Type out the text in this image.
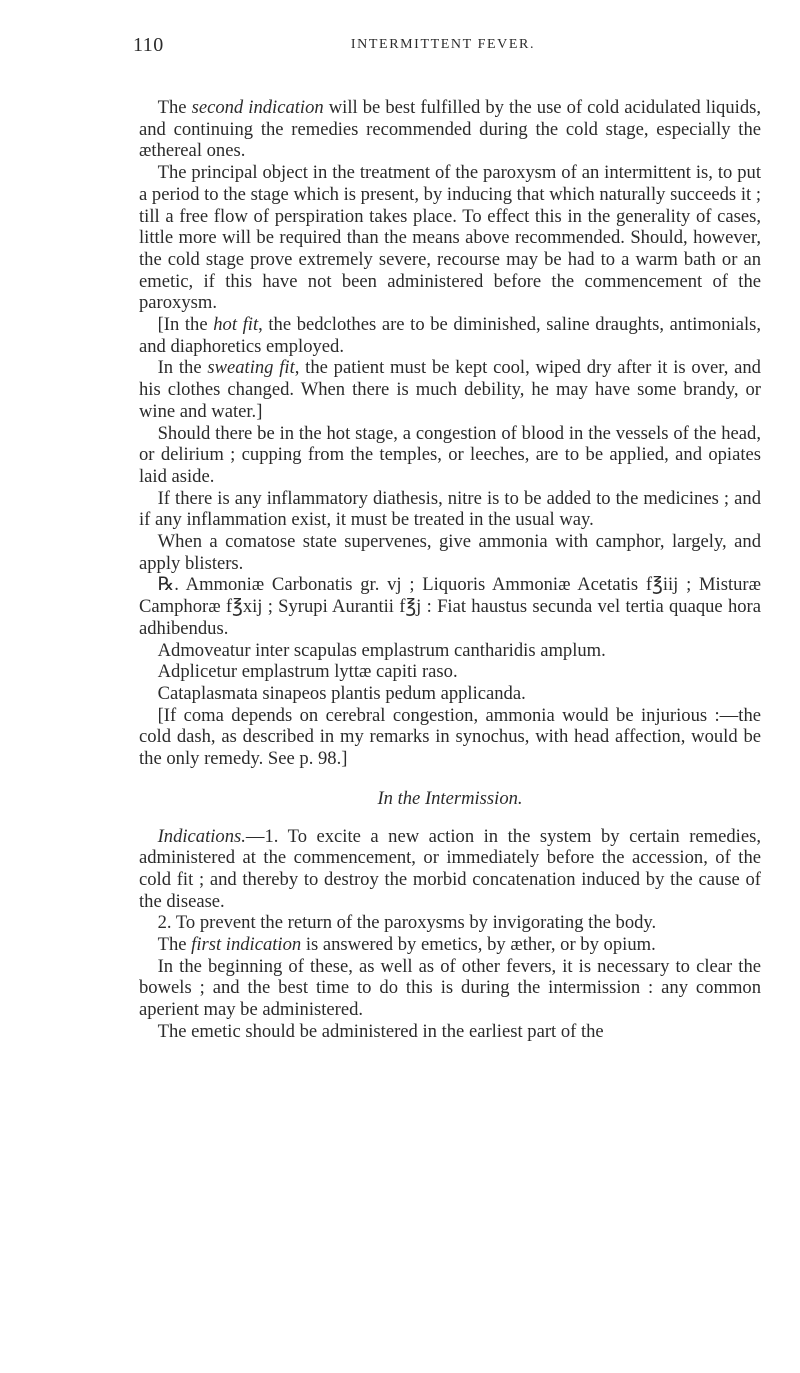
110	INTERMITTENT FEVER.

The second indication will be best fulfilled by the use of cold acidulated liquids, and continuing the remedies recommended during the cold stage, especially the æthereal ones.

The principal object in the treatment of the paroxysm of an intermittent is, to put a period to the stage which is present, by inducing that which naturally succeeds it ; till a free flow of perspiration takes place. To effect this in the generality of cases, little more will be required than the means above recommended. Should, however, the cold stage prove extremely severe, recourse may be had to a warm bath or an emetic, if this have not been administered before the commencement of the paroxysm.

[In the hot fit, the bedclothes are to be diminished, saline draughts, antimonials, and diaphoretics employed.

In the sweating fit, the patient must be kept cool, wiped dry after it is over, and his clothes changed. When there is much debility, he may have some brandy, or wine and water.]

Should there be in the hot stage, a congestion of blood in the vessels of the head, or delirium ; cupping from the temples, or leeches, are to be applied, and opiates laid aside.

If there is any inflammatory diathesis, nitre is to be added to the medicines ; and if any inflammation exist, it must be treated in the usual way.

When a comatose state supervenes, give ammonia with camphor, largely, and apply blisters.

℞. Ammoniæ Carbonatis gr. vj ; Liquoris Ammoniæ Acetatis f℥iij ; Misturæ Camphoræ f℥xij ; Syrupi Aurantii f℥j : Fiat haustus secunda vel tertia quaque hora adhibendus.

Admoveatur inter scapulas emplastrum cantharidis amplum.

Adplicetur emplastrum lyttæ capiti raso.

Cataplasmata sinapeos plantis pedum applicanda.

[If coma depends on cerebral congestion, ammonia would be injurious :—the cold dash, as described in my remarks in synochus, with head affection, would be the only remedy. See p. 98.]

In the Intermission.

Indications.—1. To excite a new action in the system by certain remedies, administered at the commencement, or immediately before the accession, of the cold fit ; and thereby to destroy the morbid concatenation induced by the cause of the disease.

2. To prevent the return of the paroxysms by invigorating the body.

The first indication is answered by emetics, by æther, or by opium.

In the beginning of these, as well as of other fevers, it is necessary to clear the bowels ; and the best time to do this is during the intermission : any common aperient may be administered.

The emetic should be administered in the earliest part of the
